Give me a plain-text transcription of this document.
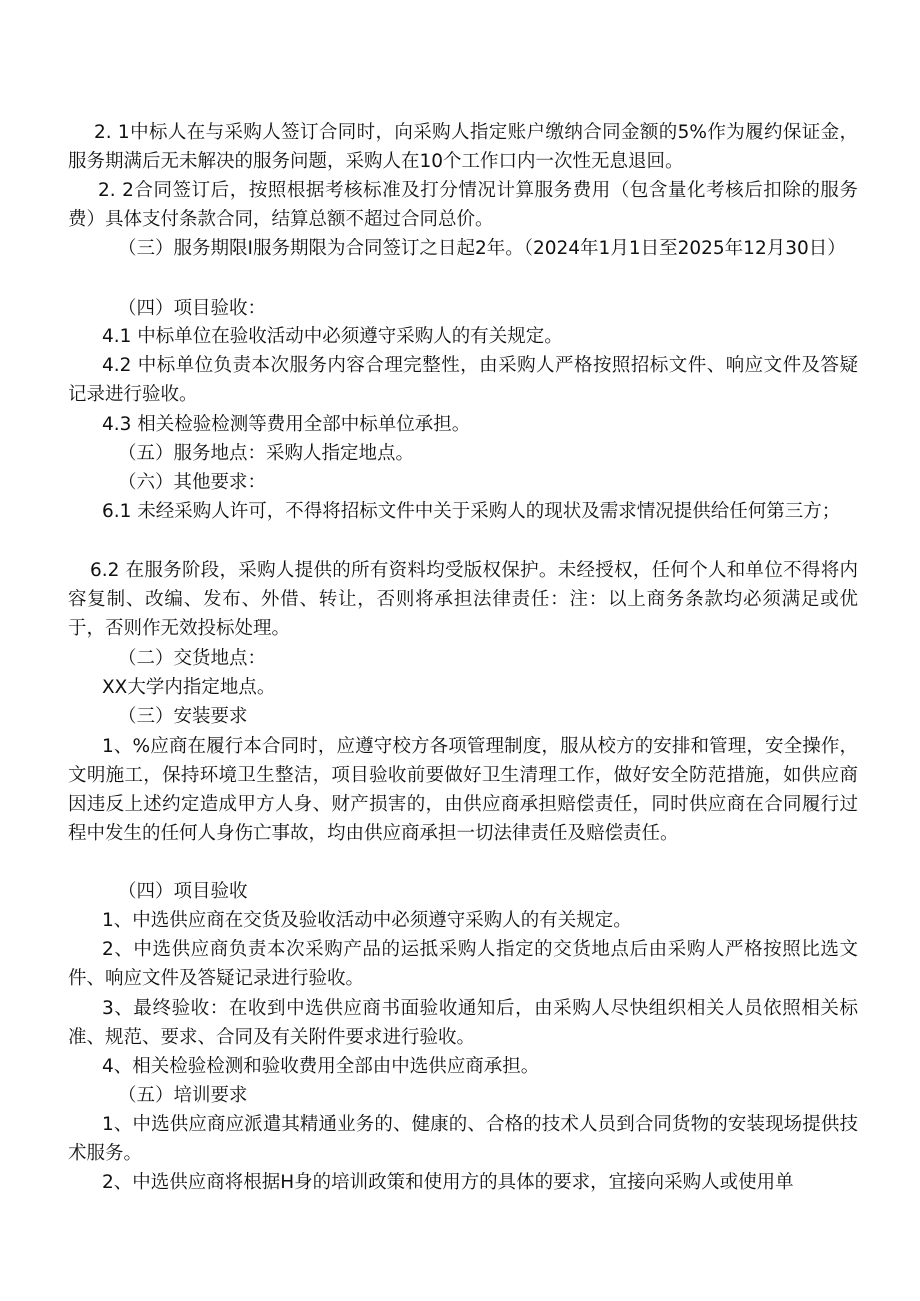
2. 1中标人在与采购人签订合同时，向采购人指定账户缴纳合同金额的5%作为履约保证金，服务期满后无未解决的服务问题，采购人在10个工作口内一次性无息退回。

2. 2合同签订后，按照根据考核标准及打分情况计算服务费用（包含量化考核后扣除的服务费）具体支付条款合同，结算总额不超过合同总价。

（三）服务期限I服务期限为合同签订之日起2年。（2024年1月1日至2025年12月30日）

（四）项目验收：

4.1 中标单位在验收活动中必须遵守采购人的有关规定。

4.2 中标单位负责本次服务内容合理完整性，由采购人严格按照招标文件、响应文件及答疑记录进行验收。

4.3 相关检验检测等费用全部中标单位承担。

（五）服务地点：采购人指定地点。

（六）其他要求：

6.1 未经采购人许可，不得将招标文件中关于采购人的现状及需求情况提供给任何第三方；

6.2 在服务阶段，采购人提供的所有资料均受版权保护。未经授权，任何个人和单位不得将内容复制、改编、发布、外借、转让，否则将承担法律责任：注：以上商务条款均必须满足或优于，否则作无效投标处理。

（二）交货地点：

XX大学内指定地点。

（三）安装要求

1、%应商在履行本合同时，应遵守校方各项管理制度，服从校方的安排和管理，安全操作，文明施工，保持环境卫生整洁，项目验收前要做好卫生清理工作，做好安全防范措施，如供应商因违反上述约定造成甲方人身、财产损害的，由供应商承担赔偿责任，同时供应商在合同履行过程中发生的任何人身伤亡事故，均由供应商承担一切法律责任及赔偿责任。

（四）项目验收

1、中选供应商在交货及验收活动中必须遵守采购人的有关规定。

2、中选供应商负责本次采购产品的运抵采购人指定的交货地点后由采购人严格按照比选文件、响应文件及答疑记录进行验收。

3、最终验收：在收到中选供应商书面验收通知后，由采购人尽快组织相关人员依照相关标准、规范、要求、合同及有关附件要求进行验收。

4、相关检验检测和验收费用全部由中选供应商承担。

（五）培训要求

1、中选供应商应派遣其精通业务的、健康的、合格的技术人员到合同货物的安装现场提供技术服务。

2、中选供应商将根据H身的培训政策和使用方的具体的要求，宜接向采购人或使用单
